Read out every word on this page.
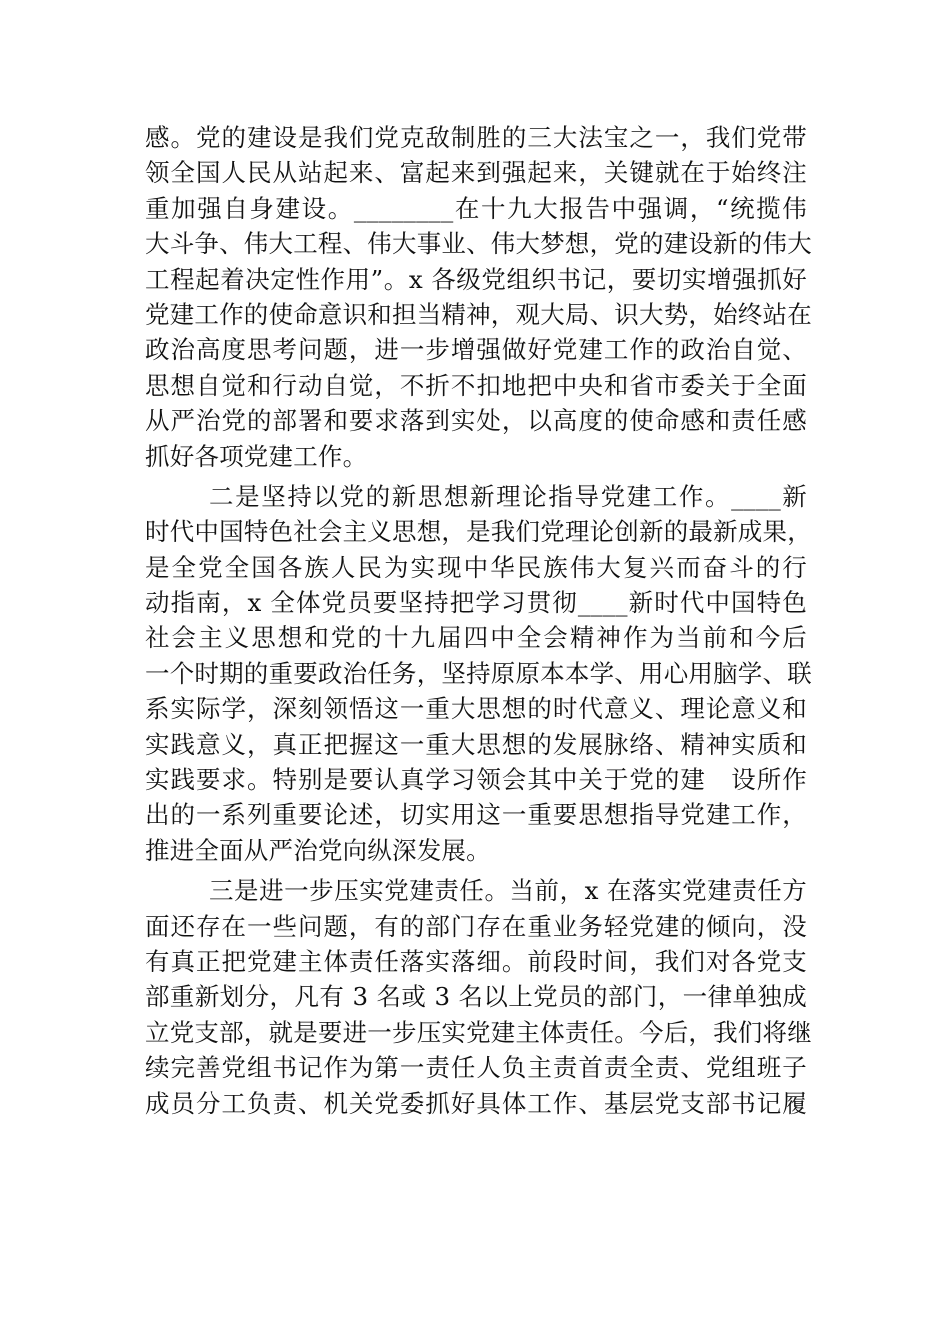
感。党的建设是我们党克敌制胜的三大法宝之一，我们党带
领全国人民从站起来、富起来到强起来，关键就在于始终注
重加强自身建设。________在十九大报告中强调，“统揽伟
大斗争、伟大工程、伟大事业、伟大梦想，党的建设新的伟大
工程起着决定性作用”。x 各级党组织书记，要切实增强抓好
党建工作的使命意识和担当精神，观大局、识大势，始终站在
政治高度思考问题，进一步增强做好党建工作的政治自觉、
思想自觉和行动自觉，不折不扣地把中央和省市委关于全面
从严治党的部署和要求落到实处，以高度的使命感和责任感
抓好各项党建工作。
二是坚持以党的新思想新理论指导党建工作。____新
时代中国特色社会主义思想，是我们党理论创新的最新成果，
是全党全国各族人民为实现中华民族伟大复兴而奋斗的行
动指南，x 全体党员要坚持把学习贯彻____新时代中国特色
社会主义思想和党的十九届四中全会精神作为当前和今后
一个时期的重要政治任务，坚持原原本本学、用心用脑学、联
系实际学，深刻领悟这一重大思想的时代意义、理论意义和
实践意义，真正把握这一重大思想的发展脉络、精神实质和
实践要求。特别是要认真学习领会其中关于党的建　设所作
出的一系列重要论述，切实用这一重要思想指导党建工作，
推进全面从严治党向纵深发展。
三是进一步压实党建责任。当前，x 在落实党建责任方
面还存在一些问题，有的部门存在重业务轻党建的倾向，没
有真正把党建主体责任落实落细。前段时间，我们对各党支
部重新划分，凡有 3 名或 3 名以上党员的部门，一律单独成
立党支部，就是要进一步压实党建主体责任。今后，我们将继
续完善党组书记作为第一责任人负主责首责全责、党组班子
成员分工负责、机关党委抓好具体工作、基层党支部书记履
